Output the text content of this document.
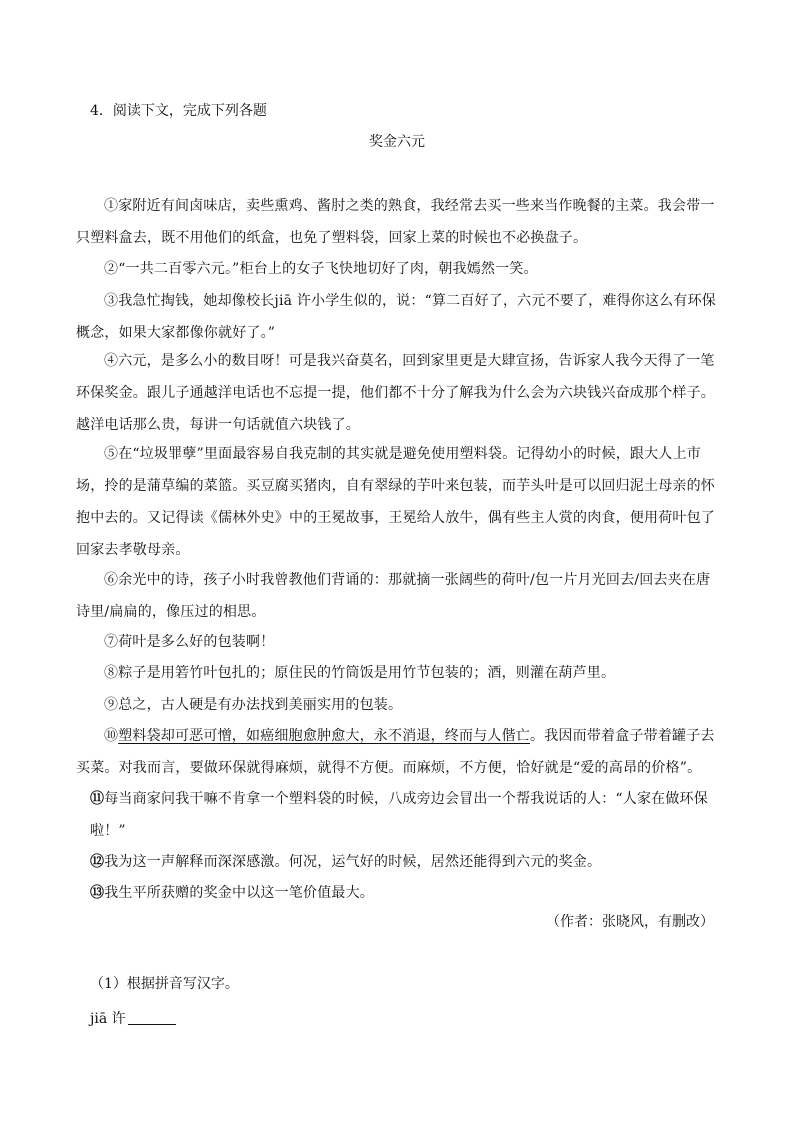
4．阅读下文，完成下列各题
奖金六元
①家附近有间卤味店，卖些熏鸡、酱肘之类的熟食，我经常去买一些来当作晚餐的主菜。我会带一只塑料盒去，既不用他们的纸盒，也免了塑料袋，回家上菜的时候也不必换盘子。
②“一共二百零六元。”柜台上的女子飞快地切好了肉，朝我嫣然一笑。
③我急忙掏钱，她却像校长jiā 许小学生似的，说：“算二百好了，六元不要了，难得你这么有环保概念，如果大家都像你就好了。”
④六元，是多么小的数目呀！可是我兴奋莫名，回到家里更是大肆宣扬，告诉家人我今天得了一笔环保奖金。跟儿子通越洋电话也不忘提一提，他们都不十分了解我为什么会为六块钱兴奋成那个样子。越洋电话那么贵，每讲一句话就值六块钱了。
⑤在“垃圾罪孽”里面最容易自我克制的其实就是避免使用塑料袋。记得幼小的时候，跟大人上市场，拎的是蒲草编的菜篮。买豆腐买猪肉，自有翠绿的芋叶来包装，而芋头叶是可以回归泥土母亲的怀抱中去的。又记得读《儒林外史》中的王冕故事，王冕给人放牛，偶有些主人赏的肉食，便用荷叶包了回家去孝敬母亲。
⑥余光中的诗，孩子小时我曾教他们背诵的：那就摘一张阔些的荷叶/包一片月光回去/回去夹在唐诗里/扁扁的，像压过的相思。
⑦荷叶是多么好的包装啊！
⑧粽子是用箬竹叶包扎的；原住民的竹筒饭是用竹节包装的；酒，则灌在葫芦里。
⑨总之，古人硬是有办法找到美丽实用的包装。
⑩塑料袋却可恶可憎，如癌细胞愈肿愈大，永不消退，终而与人偕亡。我因而带着盒子带着罐子去买菜。对我而言，要做环保就得麻烦，就得不方便。而麻烦，不方便，恰好就是“爱的高昂的价格”。
⑪每当商家问我干嘛不肯拿一个塑料袋的时候，八成旁边会冒出一个帮我说话的人：“人家在做环保啦！”
⑫我为这一声解释而深深感激。何况，运气好的时候，居然还能得到六元的奖金。
⑬我生平所获赠的奖金中以这一笔价值最大。
（作者：张晓风，有删改）
（1）根据拼音写汉字。
jiā 许
